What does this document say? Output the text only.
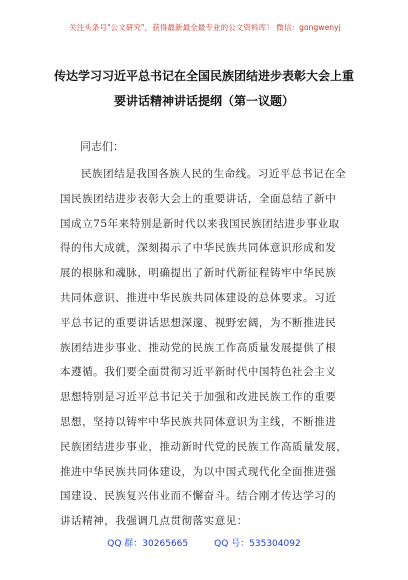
关注头条号"公文研究"，获得最新最全最专业的公文资料库！ 微信：gongwenyj
传达学习习近平总书记在全国民族团结进步表彰大会上重
要讲话精神讲话提纲（第一议题）
同志们：
民族团结是我国各族人民的生命线。习近平总书记在全
国民族团结进步表彰大会上的重要讲话，全面总结了新中
国成立75年来特别是新时代以来我国民族团结进步事业取
得的伟大成就，深刻揭示了中华民族共同体意识形成和发
展的根脉和魂脉，明确提出了新时代新征程铸牢中华民族
共同体意识、推进中华民族共同体建设的总体要求。习近
平总书记的重要讲话思想深邃、视野宏阔，为不断推进民
族团结进步事业、推动党的民族工作高质量发展提供了根
本遵循。我们要全面贯彻习近平新时代中国特色社会主义
思想特别是习近平总书记关于加强和改进民族工作的重要
思想，坚持以铸牢中华民族共同体意识为主线，不断推进
民族团结进步事业，推动新时代党的民族工作高质量发展，
推进中华民族共同体建设，为以中国式现代化全面推进强
国建设、民族复兴伟业而不懈奋斗。结合刚才传达学习的
讲话精神，我强调几点贯彻落实意见：
QQ 群：30265665	QQ 号：535304092
